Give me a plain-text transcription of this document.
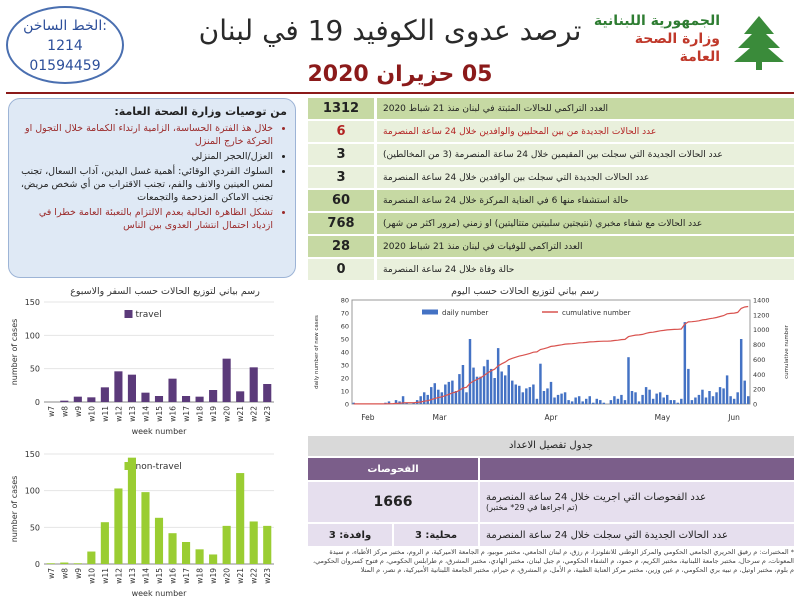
الخط الساخن:
1214
01594459
ترصد عدوى الكوفيد 19 في لبنان
05 حزيران 2020
الجمهورية اللبنانية
وزارة الصحة العامة
من توصيات وزارة الصحة العامة:
• خلال هذ الفترة الحساسة، الزامية ارتداء الكمامة خلال التجول او الحركة خارج المنزل
• العزل/الحجر المنزلي
• السلوك الفردي الوقائي: أهمية غسل اليدين، آداب السعال، تجنب لمس العينين والانف والفم، تجنب الاقتراب من أي شخص مريض، تجنب الاماكن المزدحمة والتجمعات
• تشكل الظاهرة الحالية بعدم الالتزام بالتعبئة العامة خطرا في ازدياد احتمال انتشار العدوى بين الناس
1312	العدد التراكمي للحالات المثبتة في لبنان منذ 21 شباط 2020
6	عدد الحالات الجديدة من بين المحليين والوافدين خلال 24 ساعة المنصرمة
3	عدد الحالات الجديدة التي سجلت بين المقيمين خلال 24 ساعة المنصرمة (3 من المخالطين)
3	عدد الحالات الجديدة التي سجلت بين الوافدين خلال 24 ساعة المنصرمة
60	حالة استشفاء منها 6 في العناية المركزة خلال 24 ساعة المنصرمة
768	عدد الحالات مع شفاء مخبري (نتيجتين سلبيتين متتاليتين) او زمني (مرور اكثر من شهر)
28	العدد التراكمي للوفيات في لبنان منذ 21 شباط 2020
0	حالة وفاة خلال 24 ساعة المنصرمة
رسم بياني لتوزيع الحالات حسب السفر والاسبوع
0
50
100
150
w7 w8 w9 w10 w11 w12 w13 w14 w15 w16 w17 w18 w19 w20 w21 w22 w23
number of cases
week number
travel
0
50
100
150
w7 w8 w9 w10 w11 w12 w13 w14 w15 w16 w17 w18 w19 w20 w21 w22 w23
number of cases
week number
non-travel
رسم بياني لتوزيع الحالات حسب اليوم
0
10
20
30
40
50
60
70
80
0
200
400
600
800
1000
1200
1400
Feb	Mar	Apr	May	Jun
daily number of new cases	cumulative number
daily number	cumulative number
جدول تفصيل الاعداد
الفحوصات
1666	عدد الفحوصات التي اجريت خلال 24 ساعة المنصرمة
(تم اجراءها في 29* مختبر)
وافدة: 3	محلية: 3	عدد الحالات الجديدة التي سجلت خلال 24 ساعة المنصرمة
* المختبرات: م رفيق الحريري الجامعي الحكومي والمركز الوطني للانفلونزا، م رزق، م لبنان الجامعي، مختبر موبيو، م الجامعة الاميركية، م الروم، مختبر مركز الأطباء، م سيدة المعونات، م سرحال، مختبر جامعة اللبنانية، مختبر الكريم، م حمود، م الشفاء الحكومي، م جبل لبنان، مختبر الهادي، مختبر المشرق، م طرابلس الحكومي، م فتوح كسروان الحكومي، م بلوم، مختبر اوتيل، م نبيه بري الحكومي، م عين وزين، مختبر مركز العناية الطبية، م الأمل، م المشرق، م حيرام، مختبر الجامعة اللبنانية الأميركية، م نصر، م المنلا
